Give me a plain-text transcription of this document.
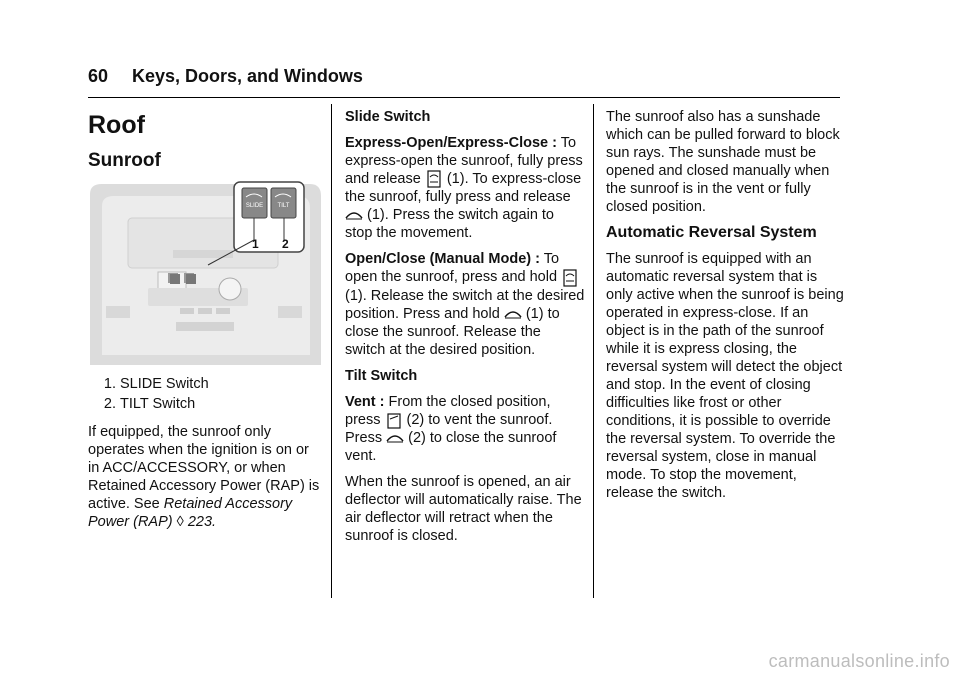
60 Keys, Doors, and Windows
Roof
Sunroof
SLIDE TILT
1 2
1. SLIDE Switch
2. TILT Switch

If equipped, the sunroof only operates when the ignition is on or in ACC/ACCESSORY, or when Retained Accessory Power (RAP) is active. See Retained Accessory Power (RAP) ◊ 223.

Slide Switch

Express-Open/Express-Close : To express-open the sunroof, fully press and release  (1). To express-close the sunroof, fully press and release  (1). Press the switch again to stop the movement.

Open/Close (Manual Mode) : To open the sunroof, press and hold  (1). Release the switch at the desired position. Press and hold  (1) to close the sunroof. Release the switch at the desired position.

Tilt Switch

Vent : From the closed position, press  (2) to vent the sunroof. Press  (2) to close the sunroof vent.

When the sunroof is opened, an air deflector will automatically raise. The air deflector will retract when the sunroof is closed.

The sunroof also has a sunshade which can be pulled forward to block sun rays. The sunshade must be opened and closed manually when the sunroof is in the vent or fully closed position.

Automatic Reversal System

The sunroof is equipped with an automatic reversal system that is only active when the sunroof is being operated in express-close. If an object is in the path of the sunroof while it is express closing, the reversal system will detect the object and stop. In the event of closing difficulties like frost or other conditions, it is possible to override the reversal system. To override the reversal system, close in manual mode. To stop the movement, release the switch.

carmanualsonline.info
